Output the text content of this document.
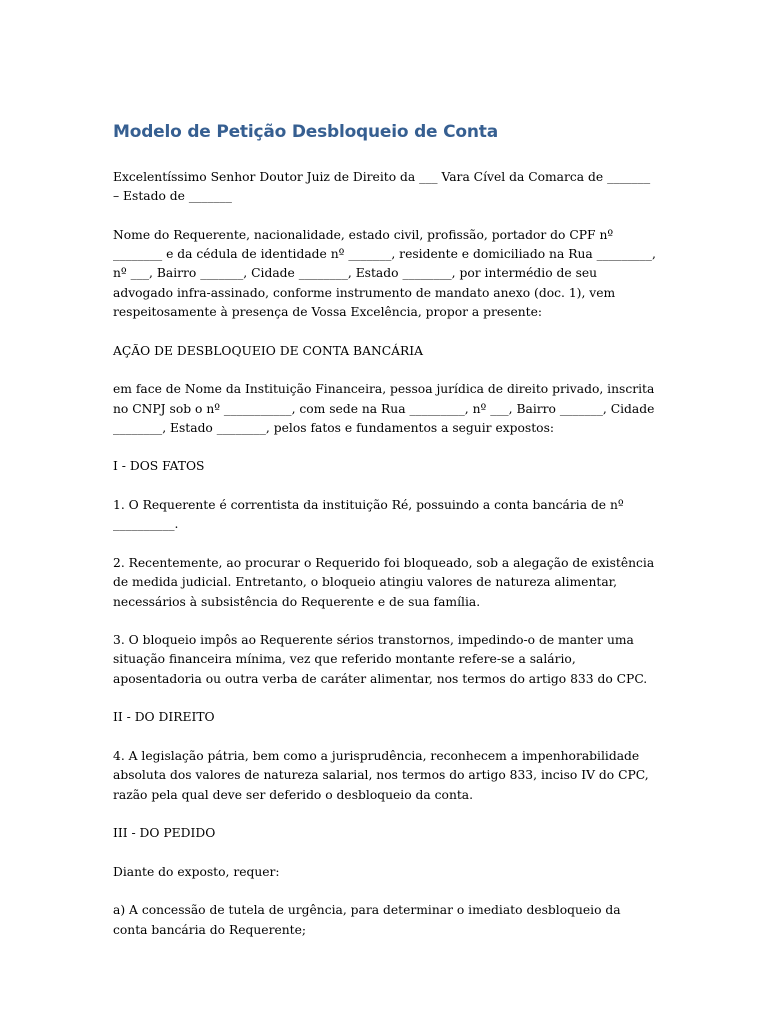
Modelo de Petição Desbloqueio de Conta

Excelentíssimo Senhor Doutor Juiz de Direito da ___ Vara Cível da Comarca de _______ – Estado de _______

Nome do Requerente, nacionalidade, estado civil, profissão, portador do CPF nº ________ e da cédula de identidade nº _______, residente e domiciliado na Rua _________, nº ___, Bairro _______, Cidade ________, Estado ________, por intermédio de seu advogado infra-assinado, conforme instrumento de mandato anexo (doc. 1), vem respeitosamente à presença de Vossa Excelência, propor a presente:

AÇÃO DE DESBLOQUEIO DE CONTA BANCÁRIA

em face de Nome da Instituição Financeira, pessoa jurídica de direito privado, inscrita no CNPJ sob o nº ___________, com sede na Rua _________, nº ___, Bairro _______, Cidade ________, Estado ________, pelos fatos e fundamentos a seguir expostos:

I - DOS FATOS

1. O Requerente é correntista da instituição Ré, possuindo a conta bancária de nº __________.

2. Recentemente, ao procurar o Requerido foi bloqueado, sob a alegação de existência de medida judicial. Entretanto, o bloqueio atingiu valores de natureza alimentar, necessários à subsistência do Requerente e de sua família.

3. O bloqueio impôs ao Requerente sérios transtornos, impedindo-o de manter uma situação financeira mínima, vez que referido montante refere-se a salário, aposentadoria ou outra verba de caráter alimentar, nos termos do artigo 833 do CPC.

II - DO DIREITO

4. A legislação pátria, bem como a jurisprudência, reconhecem a impenhorabilidade absoluta dos valores de natureza salarial, nos termos do artigo 833, inciso IV do CPC, razão pela qual deve ser deferido o desbloqueio da conta.

III - DO PEDIDO

Diante do exposto, requer:

a) A concessão de tutela de urgência, para determinar o imediato desbloqueio da conta bancária do Requerente;
